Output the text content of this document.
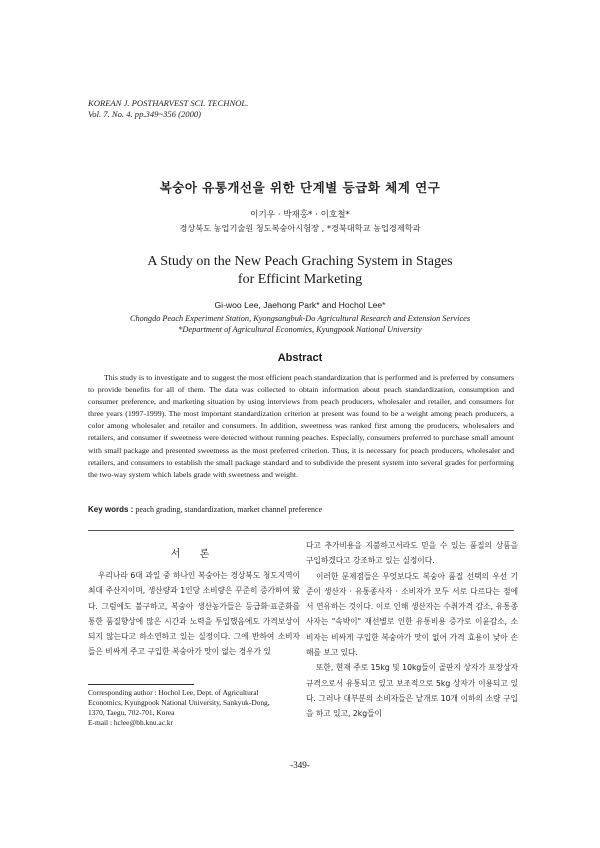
KOREAN J. POSTHARVEST SCI. TECHNOL.
Vol. 7. No. 4. pp.349~356 (2000)
복숭아 유통개선을 위한 단계별 등급화 체계 연구
이기우 · 박재홍* · 이호철*
경상북도 농업기술원 청도복숭아시험장 , *경북대학교 농업경제학과
A Study on the New Peach Graching System in Stages
for Efficint Marketing
Gi-woo Lee, Jaehong Park* and Hochol Lee*
Chongdo Peach Experiment Station, Kyongsangbuk-Do Agricultural Research and Extension Services
*Department of Agricultural Economics, Kyungpook National University
Abstract
This study is to investigate and to suggest the most efficient peach standardization that is performed and is preferred by consumers to provide benefits for all of them. The data was collected to obtain information about peach standardization, consumption and consumer preference, and marketing situation by using interviews from peach producers, wholesaler and retailer, and consumers for three years (1997-1999). The most important standardization criterion at present was found to be a weight among peach producers, a color among wholesaler and retailer and consumers. In addition, sweetness was ranked first among the producers, wholesalers and retailers, and consumer if sweetness were detected without running peaches. Especially, consumers preferred to purchase small amount with small package and presented sweetness as the most preferred criterion. Thus, it is necessary for peach producers, wholesaler and retailers, and consumers to establish the small package standard and to subdivide the present system into several grades for performing the two-way system which labels grade with sweetness and weight.
Key words : peach grading, standardization, market channel preference
서 론

우리나라 6대 과일 중 하나인 복숭아는 경상북도 청도지역이 최대 주산지이며, 생산량과 1인당 소비량은 꾸준히 증가하여 왔다. 그럼에도 불구하고, 복숭아 생산농가들은 등급화·표준화를 통한 품질향상에 많은 시간과 노력을 투입했음에도 가격보상이 되지 않는다고 하소연하고 있는 실정이다. 그에 반하여 소비자들은 비싸게 주고 구입한 복숭아가 맛이 없는 경우가 있

다고 추가비용을 지불하고서라도 믿을 수 있는 품질의 상품을 구입하겠다고 강조하고 있는 실정이다.

이러한 문제점들은 무엇보다도 복숭아 품질 선택의 우선 기준이 생산자 · 유통종사자 · 소비자가 모두 서로 다르다는 점에서 연유하는 것이다. 이로 인해 생산자는 수취가격 감소, 유통종사자는 "속박이" 재선별로 인한 유통비용 증가로 이윤감소, 소비자는 비싸게 구입한 복숭아가 맛이 없어 가격 효용이 낮아 손해를 보고 있다.

또한, 현재 주로 15kg 및 10kg들이 골판지 상자가 포장상자 규격으로서 유통되고 있고 보조적으로 5kg 상자가 이용되고 있다. 그러나 대부분의 소비자들은 낱개로 10개 이하의 소량 구입을 하고 있고, 2kg들이

Corresponding author : Hochol Lee, Dept. of Agricultural
Economics, Kyungpook National University, Sankyuk-Dong,
1370, Taegu, 702-701, Korea
E-mail : hclee@bh.knu.ac.kr
-349-
